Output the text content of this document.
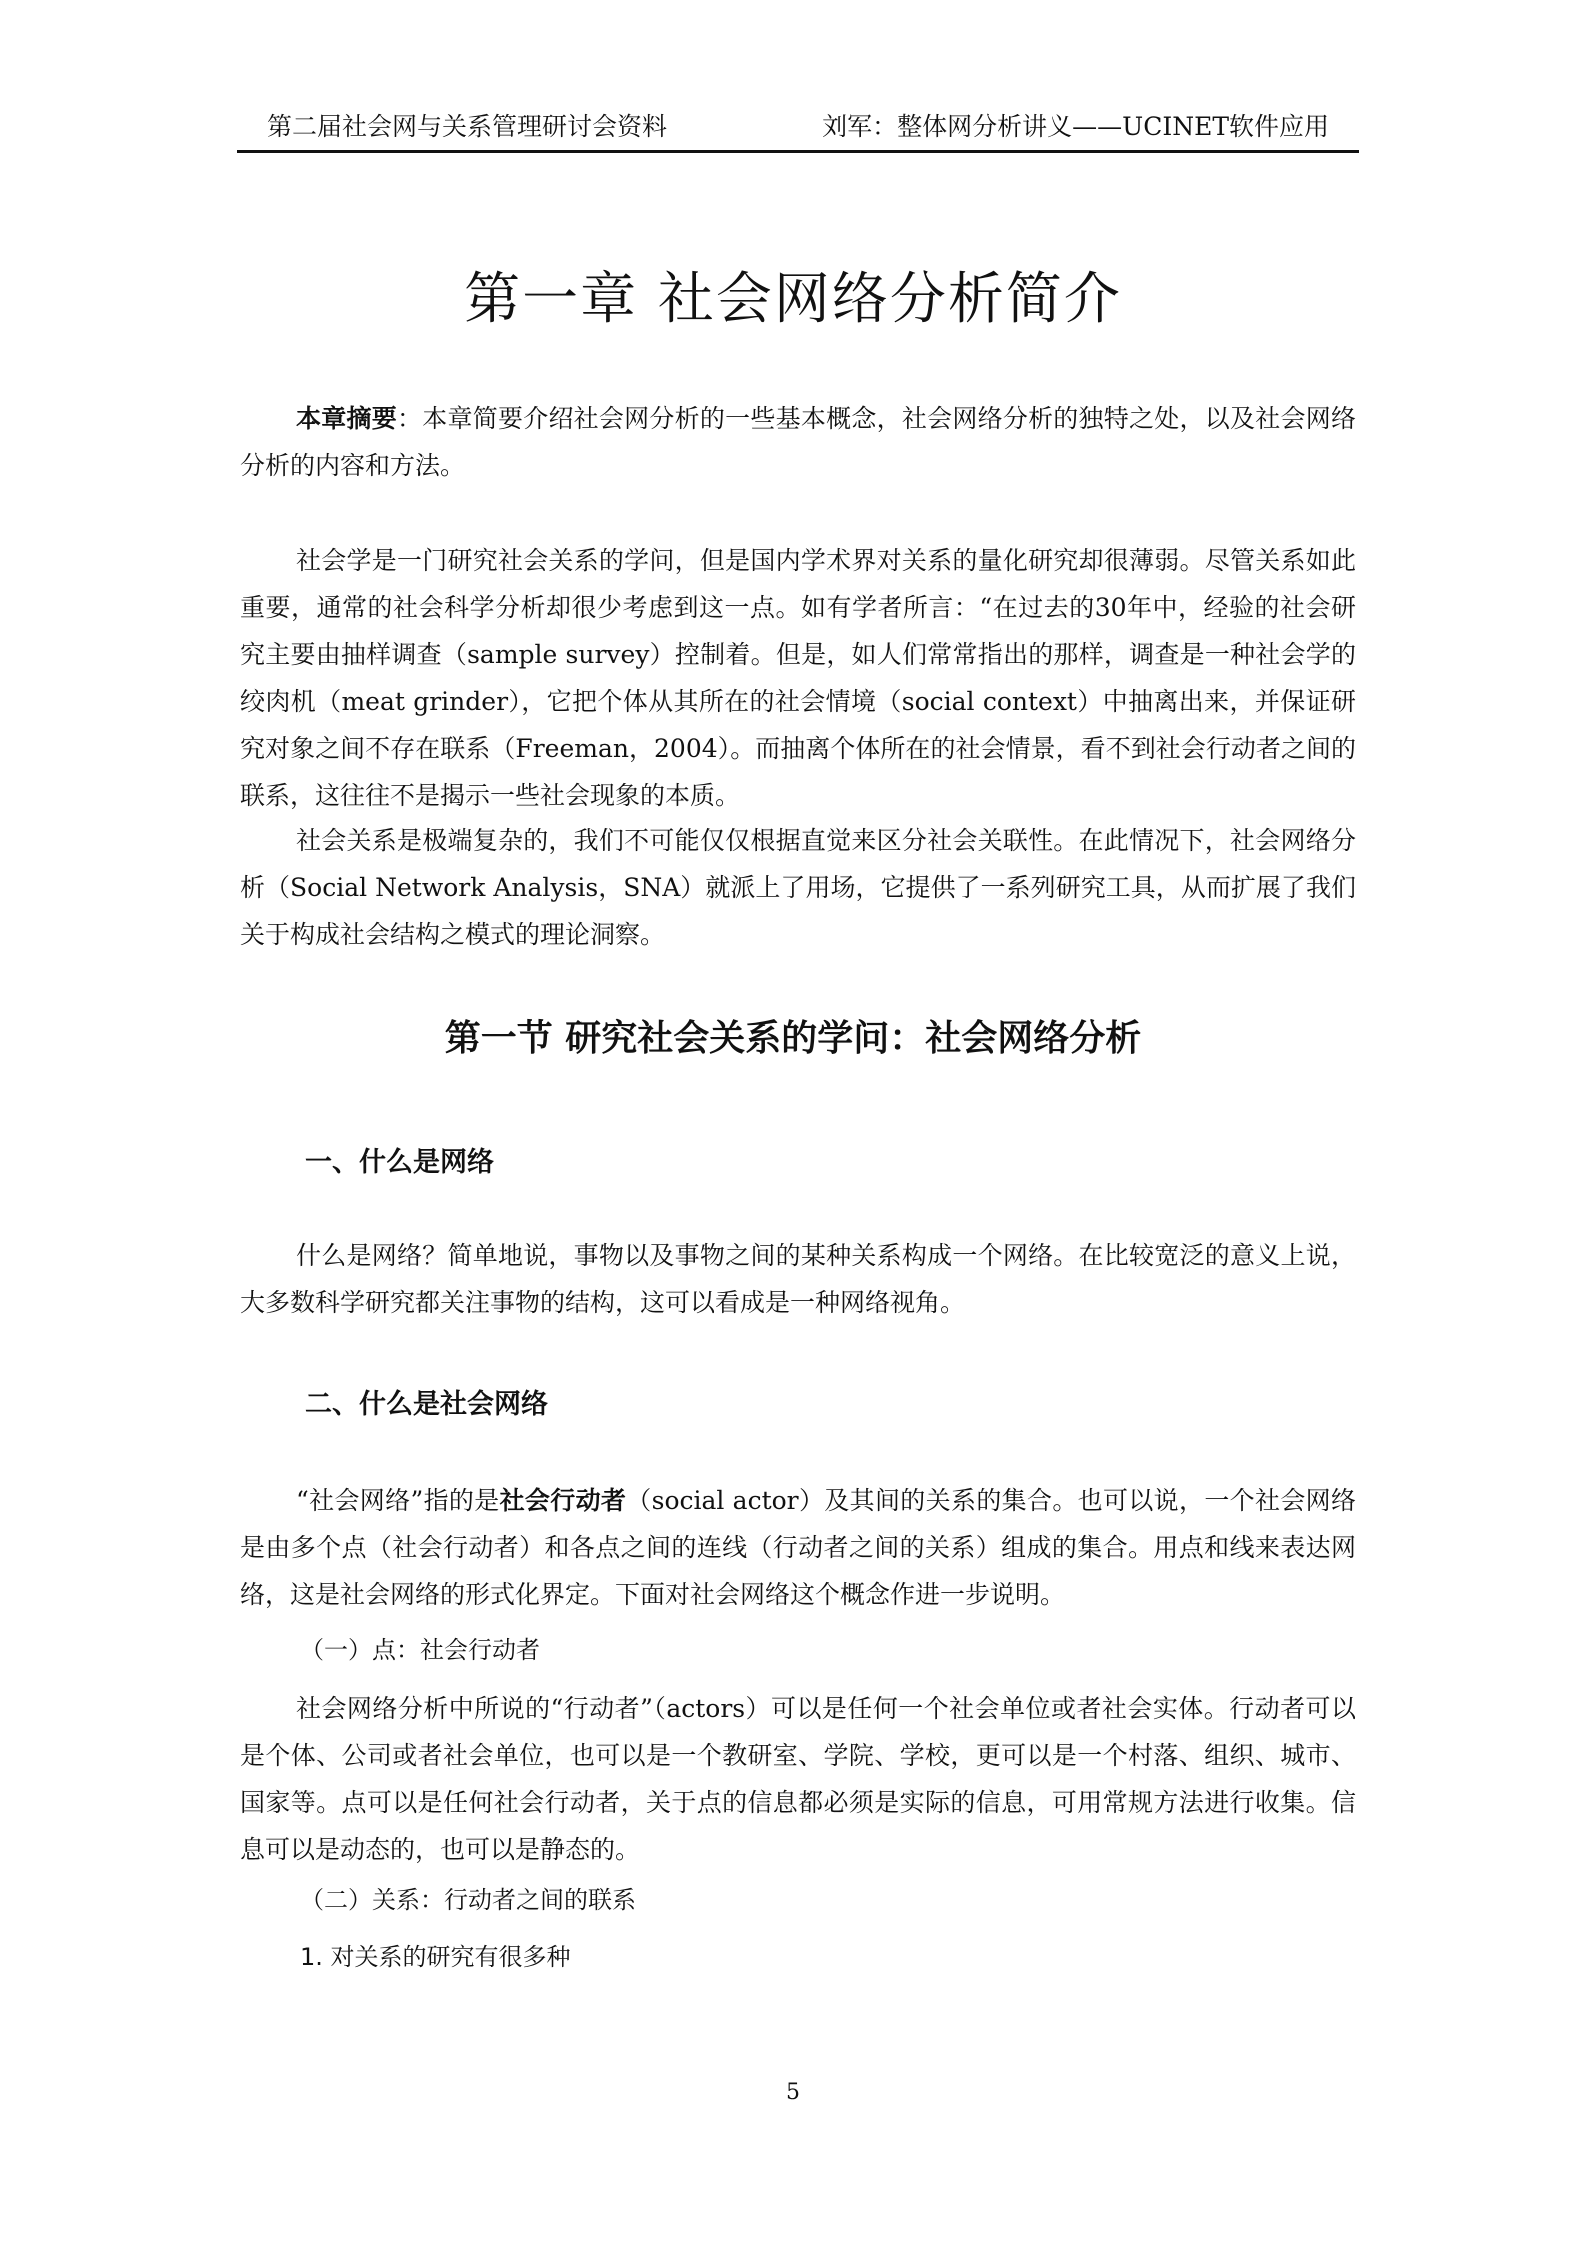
第二届社会网与关系管理研讨会资料	刘军：整体网分析讲义——UCINET软件应用
第一章 社会网络分析简介

本章摘要：本章简要介绍社会网分析的一些基本概念，社会网络分析的独特之处，以及社会网络分析的内容和方法。

社会学是一门研究社会关系的学问，但是国内学术界对关系的量化研究却很薄弱。尽管关系如此重要，通常的社会科学分析却很少考虑到这一点。如有学者所言：“在过去的30年中，经验的社会研究主要由抽样调查（sample survey）控制着。但是，如人们常常指出的那样，调查是一种社会学的绞肉机（meat grinder），它把个体从其所在的社会情境（social context）中抽离出来，并保证研究对象之间不存在联系（Freeman，2004）。而抽离个体所在的社会情景，看不到社会行动者之间的联系，这往往不是揭示一些社会现象的本质。

社会关系是极端复杂的，我们不可能仅仅根据直觉来区分社会关联性。在此情况下，社会网络分析（Social Network Analysis，SNA）就派上了用场，它提供了一系列研究工具，从而扩展了我们关于构成社会结构之模式的理论洞察。

第一节 研究社会关系的学问：社会网络分析
一、什么是网络

什么是网络？简单地说，事物以及事物之间的某种关系构成一个网络。在比较宽泛的意义上说，大多数科学研究都关注事物的结构，这可以看成是一种网络视角。

二、什么是社会网络

“社会网络”指的是社会行动者（social actor）及其间的关系的集合。也可以说，一个社会网络是由多个点（社会行动者）和各点之间的连线（行动者之间的关系）组成的集合。用点和线来表达网络，这是社会网络的形式化界定。下面对社会网络这个概念作进一步说明。

（一）点：社会行动者

社会网络分析中所说的“行动者”（actors）可以是任何一个社会单位或者社会实体。行动者可以是个体、公司或者社会单位，也可以是一个教研室、学院、学校，更可以是一个村落、组织、城市、国家等。点可以是任何社会行动者，关于点的信息都必须是实际的信息，可用常规方法进行收集。信息可以是动态的，也可以是静态的。

（二）关系：行动者之间的联系
1. 对关系的研究有很多种
5
